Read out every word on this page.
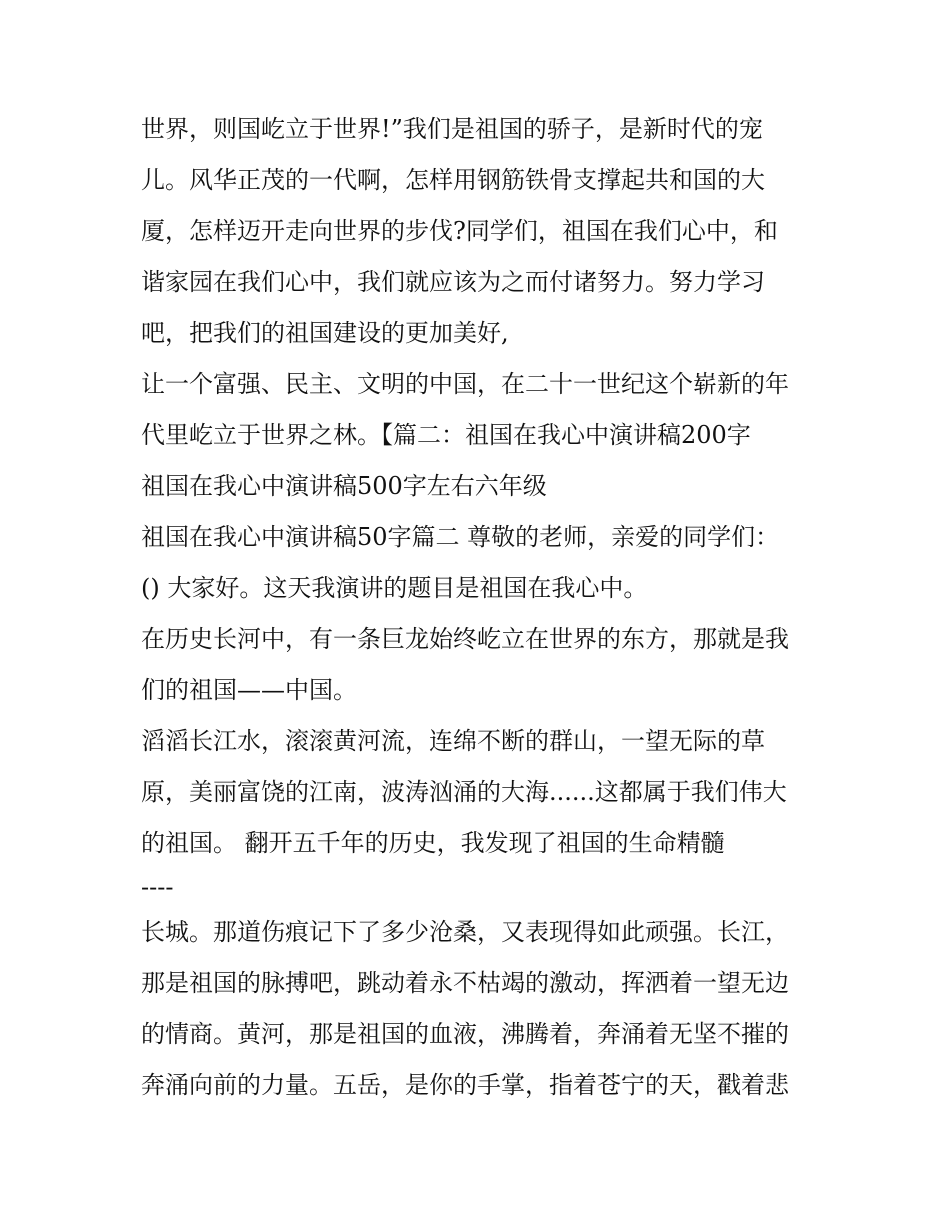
世界，则国屹立于世界!”我们是祖国的骄子，是新时代的宠
儿。风华正茂的一代啊，怎样用钢筋铁骨支撑起共和国的大
厦，怎样迈开走向世界的步伐?同学们，祖国在我们心中，和
谐家园在我们心中，我们就应该为之而付诸努力。努力学习
吧，把我们的祖国建设的更加美好,
让一个富强、民主、文明的中国，在二十一世纪这个崭新的年
代里屹立于世界之林。【篇二：祖国在我心中演讲稿200字
祖国在我心中演讲稿500字左右六年级
祖国在我心中演讲稿50字篇二 尊敬的老师，亲爱的同学们：
() 大家好。这天我演讲的题目是祖国在我心中。
在历史长河中，有一条巨龙始终屹立在世界的东方，那就是我
们的祖国——中国。
滔滔长江水，滚滚黄河流，连绵不断的群山，一望无际的草
原，美丽富饶的江南，波涛汹涌的大海......这都属于我们伟大
的祖国。 翻开五千年的历史，我发现了祖国的生命精髓
----
长城。那道伤痕记下了多少沧桑，又表现得如此顽强。长江，
那是祖国的脉搏吧，跳动着永不枯竭的激动，挥洒着一望无边
的情商。黄河，那是祖国的血液，沸腾着，奔涌着无坚不摧的
奔涌向前的力量。五岳，是你的手掌，指着苍宁的天，戳着悲
